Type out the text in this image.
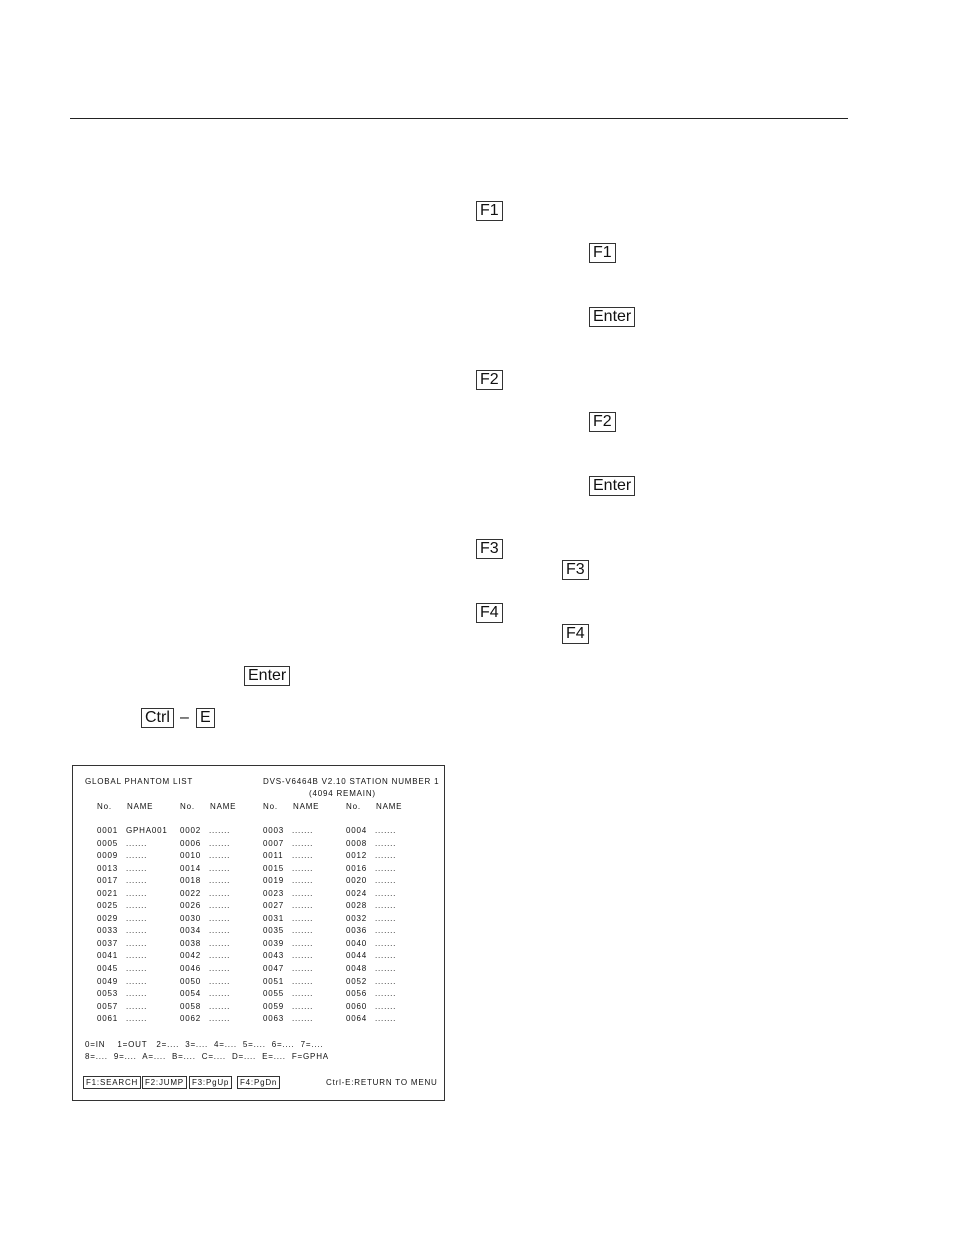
F1
F1
Enter
F2
F2
Enter
F3
F3
F4
F4
Enter
Ctrl – E
GLOBAL PHANTOM LIST	DVS-V6464B V2.10 STATION NUMBER 1
(4094 REMAIN)
No. NAME	No. NAME	No. NAME	No. NAME
0001 GPHA001 0002 .......	0003 .......	0004 .......
0005 .......	0006 .......	0007 .......	0008 .......
0009 .......	0010 .......	0011 .......	0012 .......
0013 .......	0014 .......	0015 .......	0016 .......
0017 .......	0018 .......	0019 .......	0020 .......
0021 .......	0022 .......	0023 .......	0024 .......
0025 .......	0026 .......	0027 .......	0028 .......
0029 .......	0030 .......	0031 .......	0032 .......
0033 .......	0034 .......	0035 .......	0036 .......
0037 .......	0038 .......	0039 .......	0040 .......
0041 .......	0042 .......	0043 .......	0044 .......
0045 .......	0046 .......	0047 .......	0048 .......
0049 .......	0050 .......	0051 .......	0052 .......
0053 .......	0054 .......	0055 .......	0056 .......
0057 .......	0058 .......	0059 .......	0060 .......
0061 .......	0062 .......	0063 .......	0064 .......
0=IN    1=OUT   2=....  3=....  4=....  5=....  6=....  7=....
8=....  9=....  A=....  B=....  C=....  D=....  E=....  F=GPHA
F1:SEARCH F2:JUMP	F3:PgUp	F4:PgDn	Ctrl-E:RETURN TO MENU
